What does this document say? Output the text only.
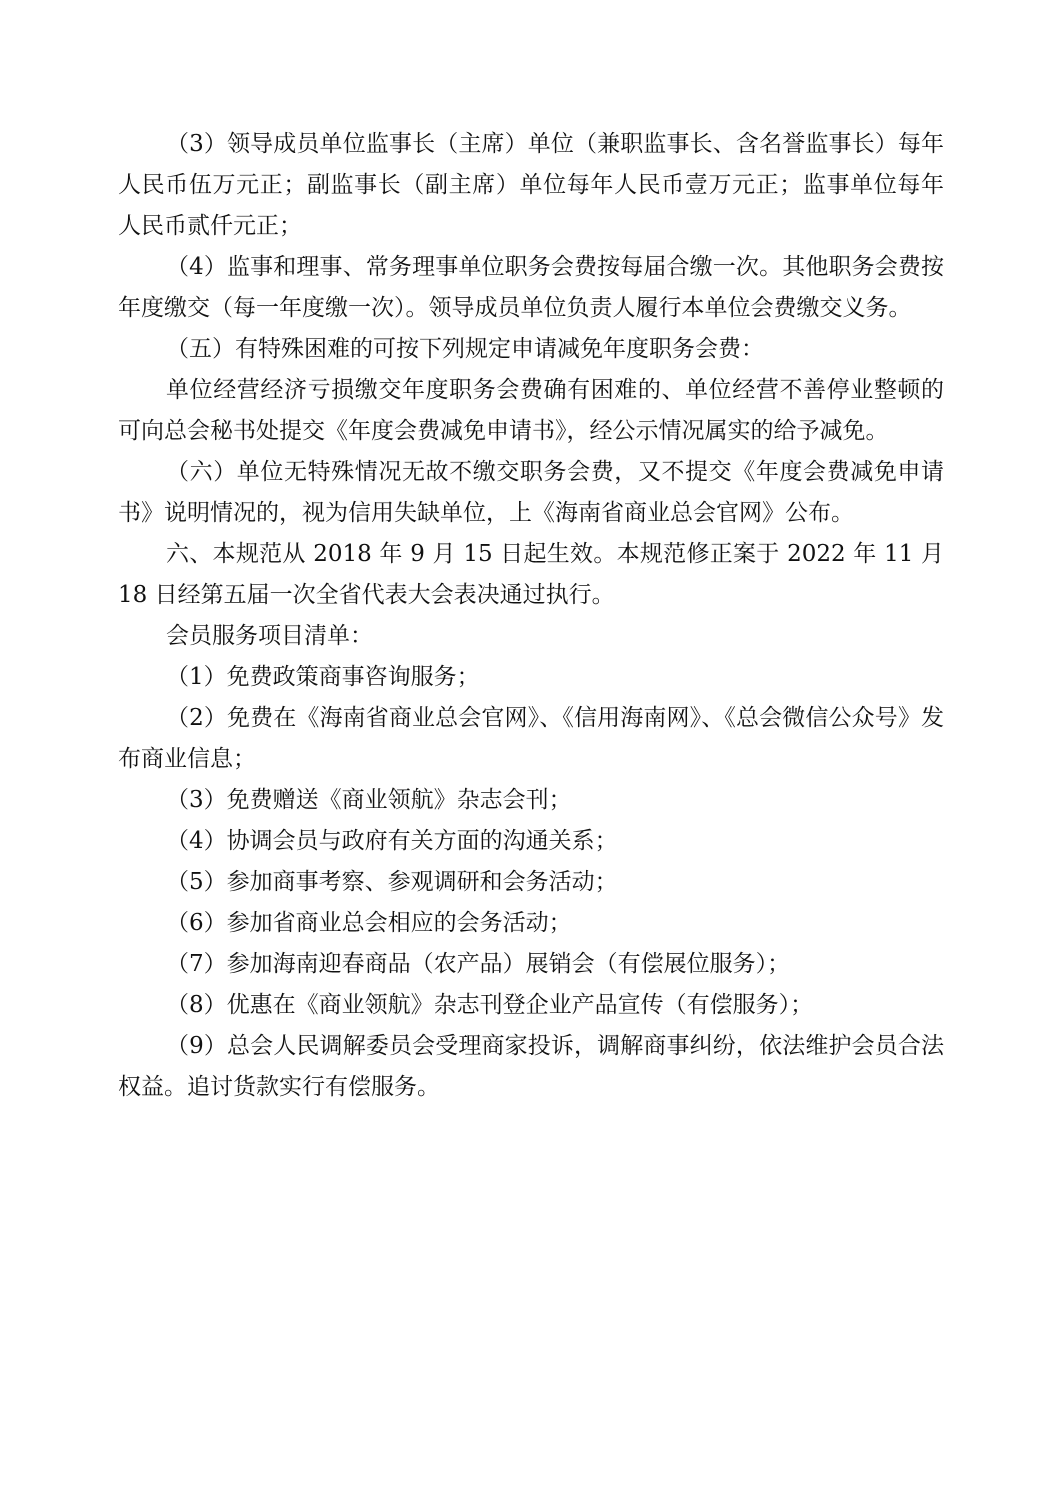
（3）领导成员单位监事长（主席）单位（兼职监事长、含名誉监事长）每年人民币伍万元正；副监事长（副主席）单位每年人民币壹万元正；监事单位每年人民币贰仟元正；

（4）监事和理事、常务理事单位职务会费按每届合缴一次。其他职务会费按年度缴交（每一年度缴一次）。领导成员单位负责人履行本单位会费缴交义务。

（五）有特殊困难的可按下列规定申请减免年度职务会费：

单位经营经济亏损缴交年度职务会费确有困难的、单位经营不善停业整顿的可向总会秘书处提交《年度会费减免申请书》，经公示情况属实的给予减免。

（六）单位无特殊情况无故不缴交职务会费，又不提交《年度会费减免申请书》说明情况的，视为信用失缺单位，上《海南省商业总会官网》公布。

六、本规范从 2018 年 9 月 15 日起生效。本规范修正案于 2022 年 11 月 18 日经第五届一次全省代表大会表决通过执行。

会员服务项目清单：

（1）免费政策商事咨询服务；

（2）免费在《海南省商业总会官网》、《信用海南网》、《总会微信公众号》发布商业信息；

（3）免费赠送《商业领航》杂志会刊；

（4）协调会员与政府有关方面的沟通关系；

（5）参加商事考察、参观调研和会务活动；

（6）参加省商业总会相应的会务活动；

（7）参加海南迎春商品（农产品）展销会（有偿展位服务）；

（8）优惠在《商业领航》杂志刊登企业产品宣传（有偿服务）；

（9）总会人民调解委员会受理商家投诉，调解商事纠纷，依法维护会员合法权益。追讨货款实行有偿服务。
